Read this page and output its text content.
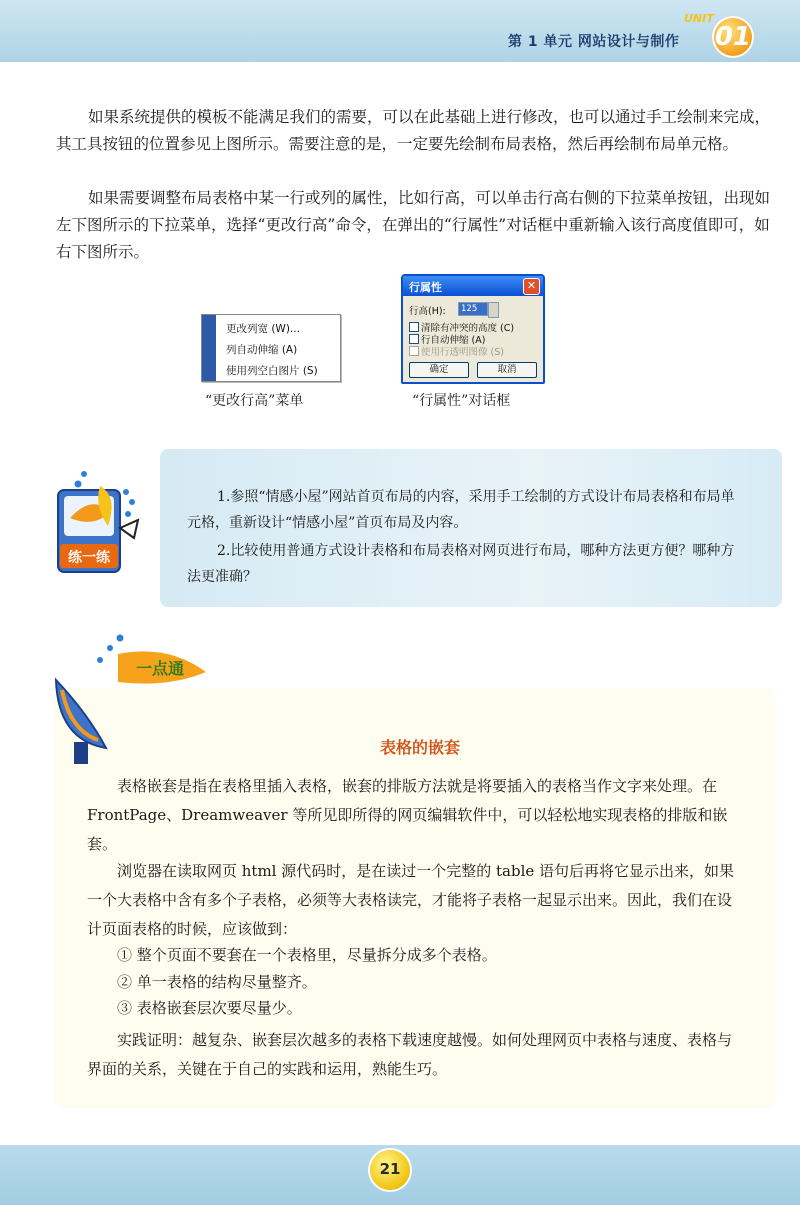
第 1 单元 网站设计与制作
UNIT
01

如果系统提供的模板不能满足我们的需要，可以在此基础上进行修改，也可以通过手工绘制来完成，其工具按钮的位置参见上图所示。需要注意的是，一定要先绘制布局表格，然后再绘制布局单元格。

如果需要调整布局表格中某一行或列的属性，比如行高，可以单击行高右侧的下拉菜单按钮，出现如左下图所示的下拉菜单，选择“更改行高”命令，在弹出的“行属性”对话框中重新输入该行高度值即可，如右下图所示。

更改列宽 (W)...
列自动伸缩 (A)
使用列空白图片 (S)
“更改行高”菜单
行属性	✕
行高(H):	125
清除有冲突的高度 (C)
行自动伸缩 (A)
使用行透明图像 (S)
确定	取消
“行属性”对话框
练一练

1.参照“情感小屋”网站首页布局的内容，采用手工绘制的方式设计布局表格和布局单元格，重新设计“情感小屋”首页布局及内容。

2.比较使用普通方式设计表格和布局表格对网页进行布局，哪种方法更方便？哪种方法更准确？

一点通
表格的嵌套

表格嵌套是指在表格里插入表格，嵌套的排版方法就是将要插入的表格当作文字来处理。在 FrontPage、Dreamweaver 等所见即所得的网页编辑软件中，可以轻松地实现表格的排版和嵌套。

浏览器在读取网页 html 源代码时，是在读过一个完整的 table 语句后再将它显示出来，如果一个大表格中含有多个子表格，必须等大表格读完，才能将子表格一起显示出来。因此，我们在设计页面表格的时候，应该做到：

① 整个页面不要套在一个表格里，尽量拆分成多个表格。
② 单一表格的结构尽量整齐。
③ 表格嵌套层次要尽量少。

实践证明：越复杂、嵌套层次越多的表格下载速度越慢。如何处理网页中表格与速度、表格与界面的关系，关键在于自己的实践和运用，熟能生巧。

21
